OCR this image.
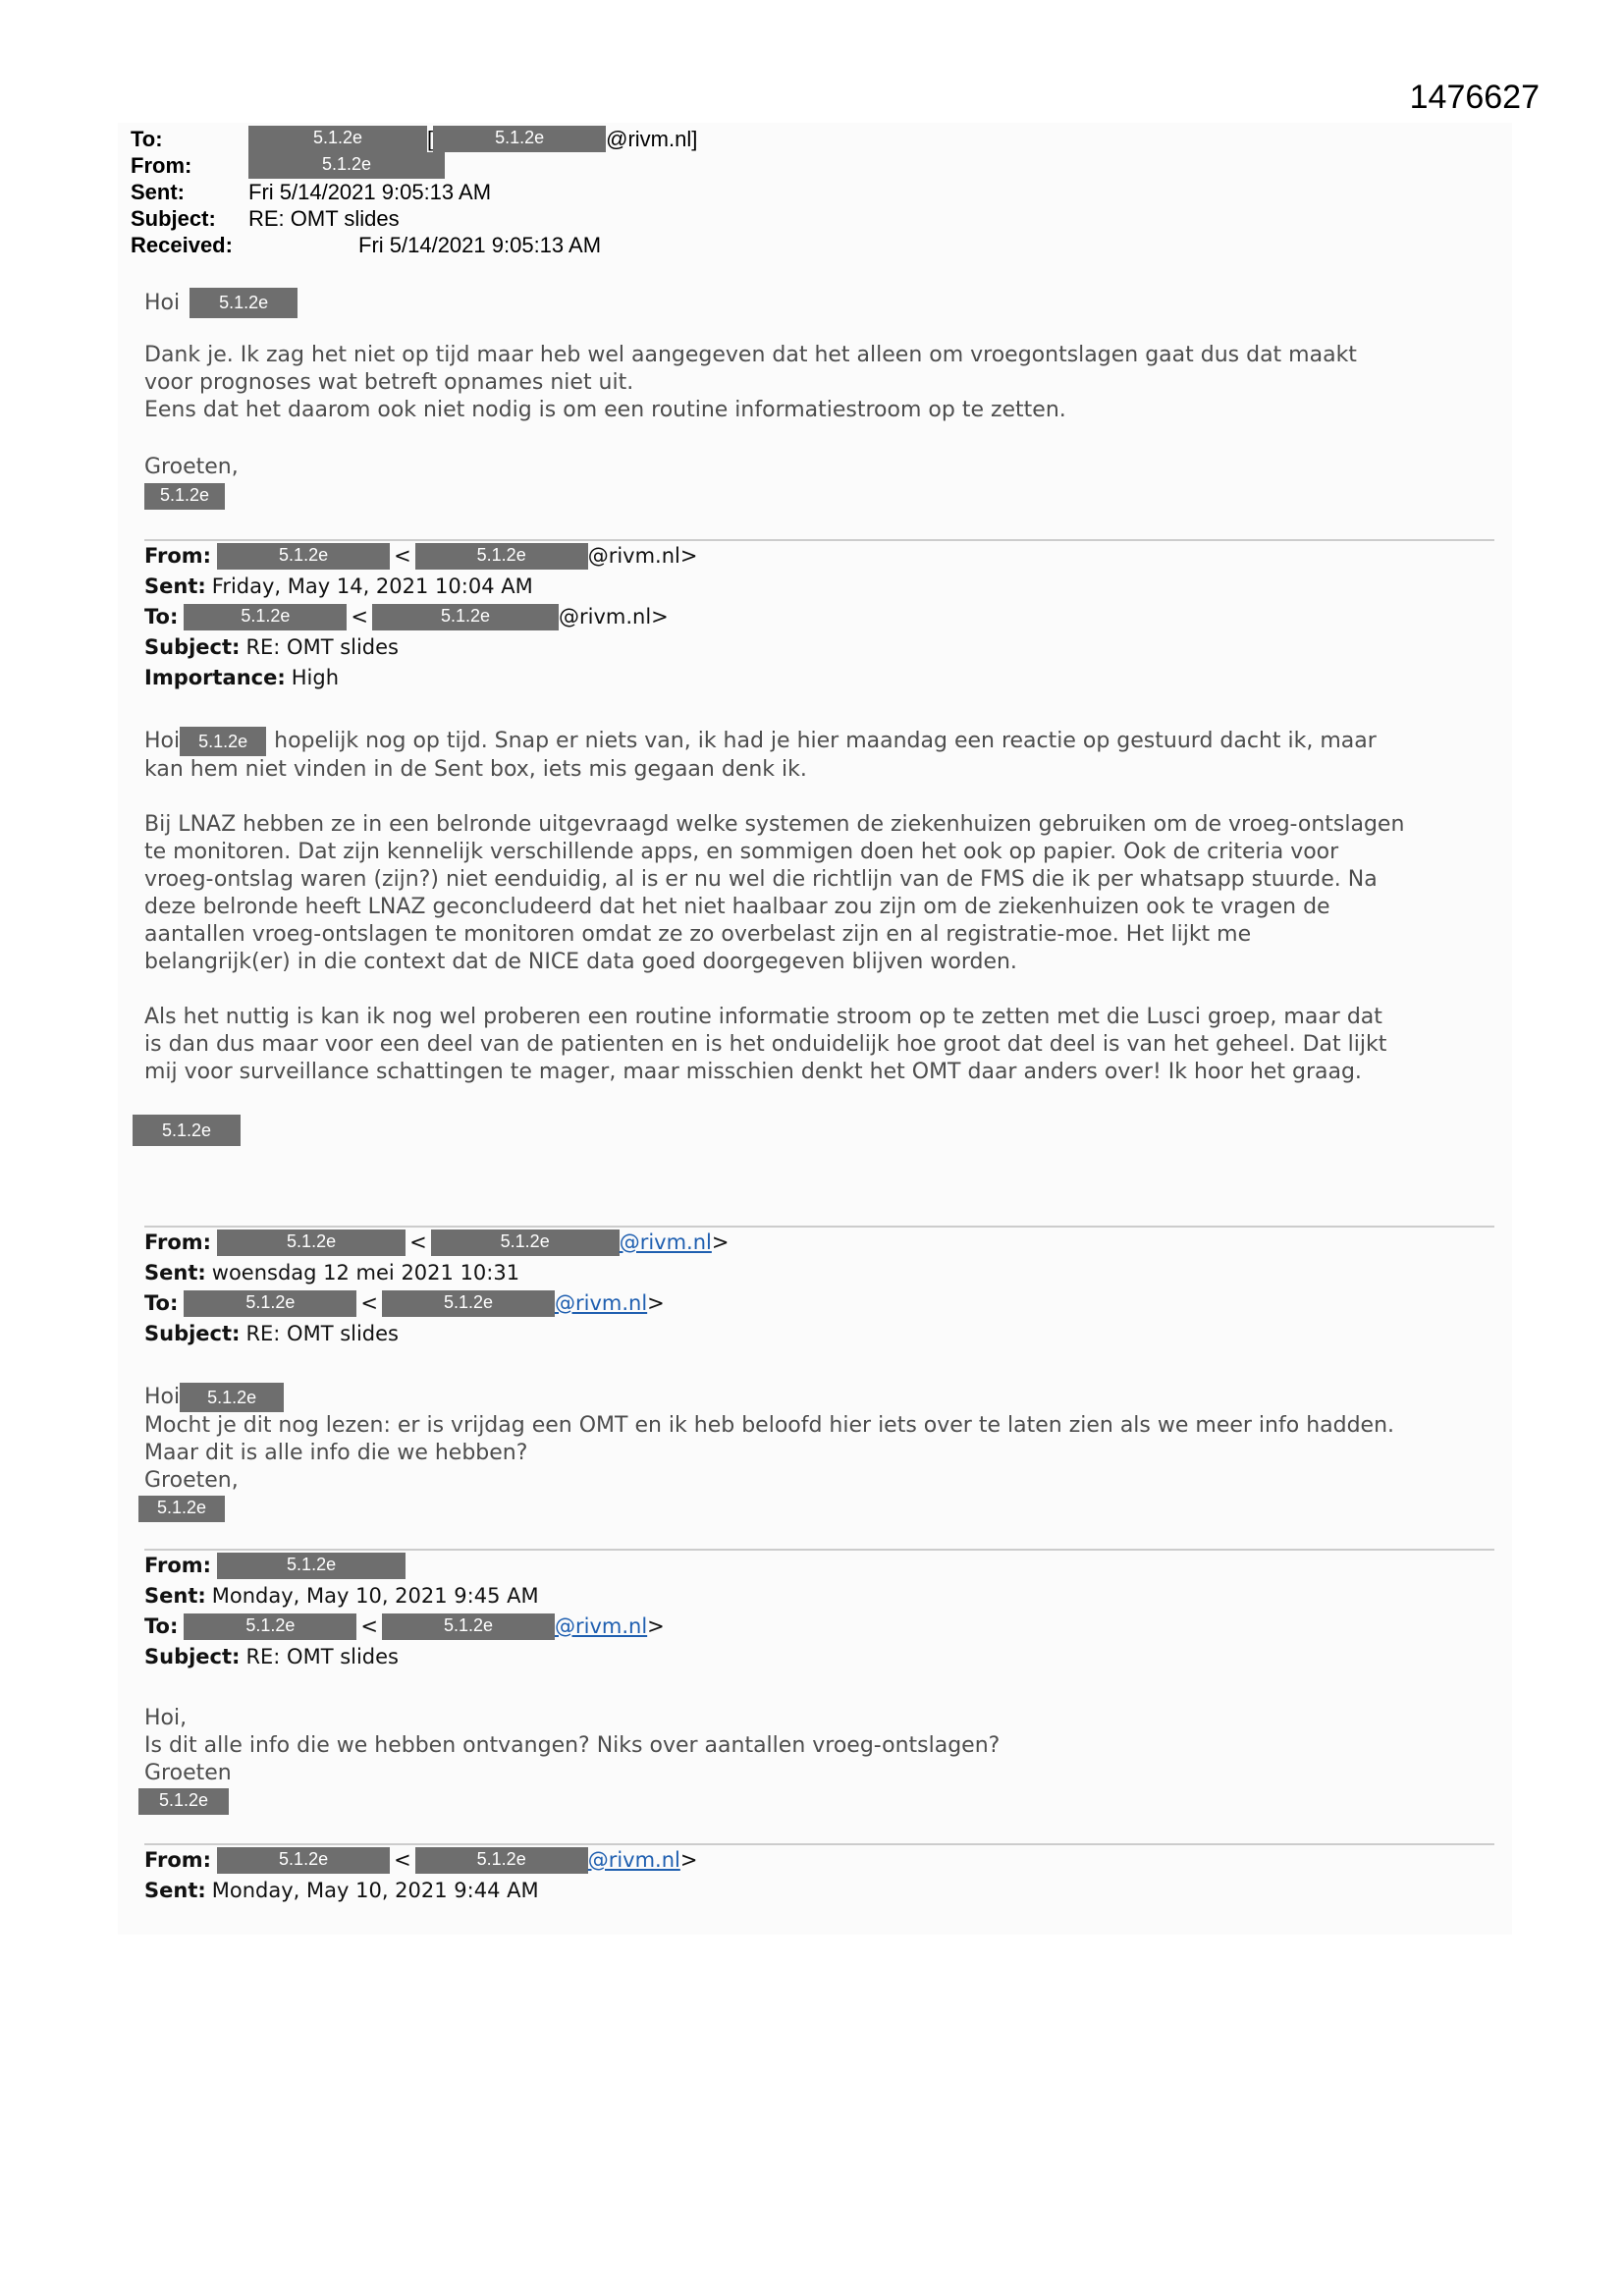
1476627
To:	5.1.2e	[	5.1.2e	@rivm.nl]
From:	5.1.2e
Sent:	Fri 5/14/2021 9:05:13 AM
Subject:	RE: OMT slides
Received:	Fri 5/14/2021 9:05:13 AM
Hoi	5.1.2e

Dank je. Ik zag het niet op tijd maar heb wel aangegeven dat het alleen om vroegontslagen gaat dus dat maakt

voor prognoses wat betreft opnames niet uit.

Eens dat het daarom ook niet nodig is om een routine informatiestroom op te zetten.

Groeten,

5.1.2e
From:	5.1.2e	<	5.1.2e	@rivm.nl>
Sent: Friday, May 14, 2021 10:04 AM
To:	5.1.2e	<	5.1.2e	@rivm.nl>
Subject: RE: OMT slides
Importance: High
Hoi	5.1.2e	hopelijk nog op tijd. Snap er niets van, ik had je hier maandag een reactie op gestuurd dacht ik, maar

kan hem niet vinden in de Sent box, iets mis gegaan denk ik.

Bij LNAZ hebben ze in een belronde uitgevraagd welke systemen de ziekenhuizen gebruiken om de vroeg-ontslagen

te monitoren. Dat zijn kennelijk verschillende apps, en sommigen doen het ook op papier. Ook de criteria voor

vroeg-ontslag waren (zijn?) niet eenduidig, al is er nu wel die richtlijn van de FMS die ik per whatsapp stuurde. Na

deze belronde heeft LNAZ geconcludeerd dat het niet haalbaar zou zijn om de ziekenhuizen ook te vragen de

aantallen vroeg-ontslagen te monitoren omdat ze zo overbelast zijn en al registratie-moe. Het lijkt me

belangrijk(er) in die context dat de NICE data goed doorgegeven blijven worden.

Als het nuttig is kan ik nog wel proberen een routine informatie stroom op te zetten met die Lusci groep, maar dat

is dan dus maar voor een deel van de patienten en is het onduidelijk hoe groot dat deel is van het geheel. Dat lijkt

mij voor surveillance schattingen te mager, maar misschien denkt het OMT daar anders over! Ik hoor het graag.

5.1.2e
From:	5.1.2e	<	5.1.2e	@rivm.nl >
Sent: woensdag 12 mei 2021 10:31
To:	5.1.2e	<	5.1.2e	@rivm.nl >
Subject: RE: OMT slides
Hoi	5.1.2e

Mocht je dit nog lezen: er is vrijdag een OMT en ik heb beloofd hier iets over te laten zien als we meer info hadden.

Maar dit is alle info die we hebben?

Groeten,

5.1.2e
From:	5.1.2e
Sent: Monday, May 10, 2021 9:45 AM
To:	5.1.2e	<	5.1.2e	@rivm.nl >
Subject: RE: OMT slides

Hoi,

Is dit alle info die we hebben ontvangen? Niks over aantallen vroeg-ontslagen?

Groeten

5.1.2e
From:	5.1.2e	<	5.1.2e	@rivm.nl >
Sent: Monday, May 10, 2021 9:44 AM
